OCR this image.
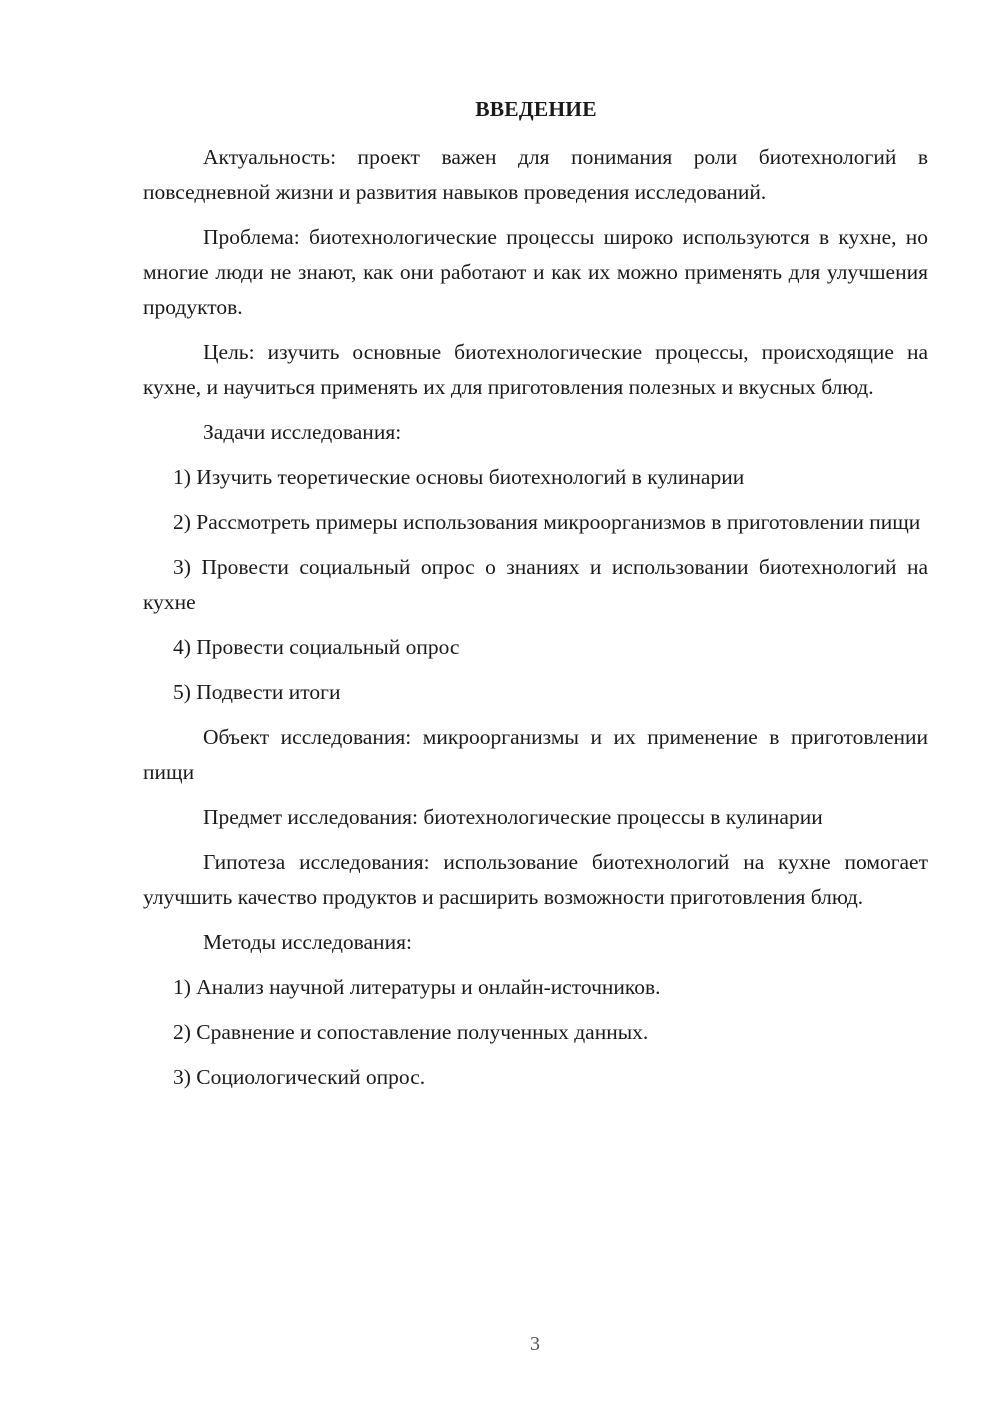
ВВЕДЕНИЕ

Актуальность: проект важен для понимания роли биотехнологий в повседневной жизни и развития навыков проведения исследований.

Проблема: биотехнологические процессы широко используются в кухне, но многие люди не знают, как они работают и как их можно применять для улучшения продуктов.

Цель: изучить основные биотехнологические процессы, происходящие на кухне, и научиться применять их для приготовления полезных и вкусных блюд.

Задачи исследования:

1) Изучить теоретические основы биотехнологий в кулинарии

2) Рассмотреть примеры использования микроорганизмов в приготовлении пищи

3) Провести социальный опрос о знаниях и использовании биотехнологий на кухне

4) Провести социальный опрос

5) Подвести итоги

Объект исследования: микроорганизмы и их применение в приготовлении пищи

Предмет исследования: биотехнологические процессы в кулинарии

Гипотеза исследования: использование биотехнологий на кухне помогает улучшить качество продуктов и расширить возможности приготовления блюд.

Методы исследования:

1) Анализ научной литературы и онлайн-источников.

2) Сравнение и сопоставление полученных данных.

3) Социологический опрос.

3
